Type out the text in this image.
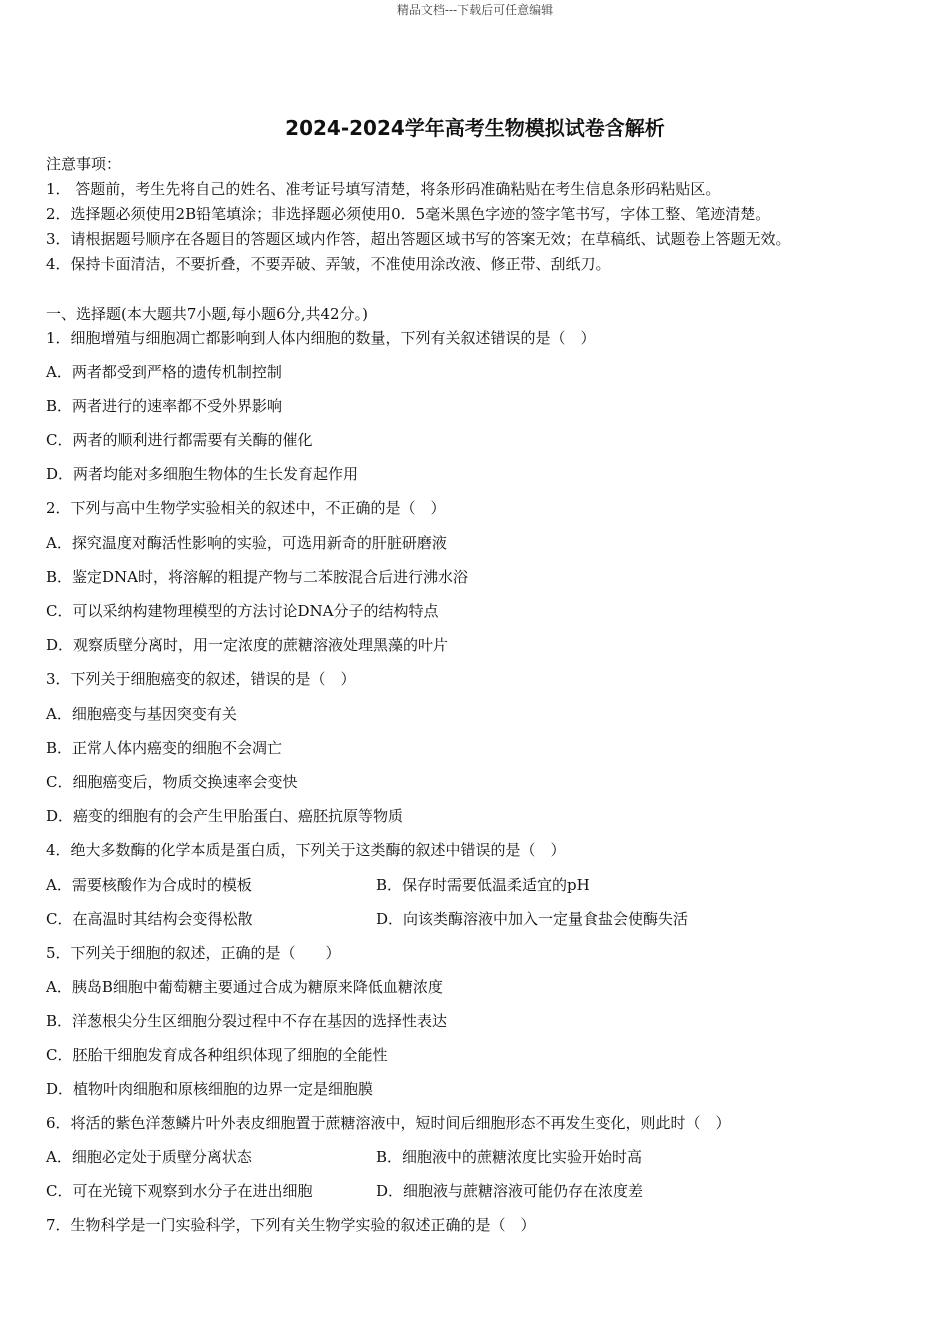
精品文档---下载后可任意编辑
2024-2024学年高考生物模拟试卷含解析
注意事项：
1． 答题前，考生先将自己的姓名、准考证号填写清楚，将条形码准确粘贴在考生信息条形码粘贴区。
2．选择题必须使用2B铅笔填涂；非选择题必须使用0．5毫米黑色字迹的签字笔书写，字体工整、笔迹清楚。
3．请根据题号顺序在各题目的答题区域内作答，超出答题区域书写的答案无效；在草稿纸、试题卷上答题无效。
4．保持卡面清洁，不要折叠，不要弄破、弄皱，不准使用涂改液、修正带、刮纸刀。
一、选择题(本大题共7小题,每小题6分,共42分。)
1．细胞增殖与细胞凋亡都影响到人体内细胞的数量，下列有关叙述错误的是（　）
A．两者都受到严格的遗传机制控制
B．两者进行的速率都不受外界影响
C．两者的顺利进行都需要有关酶的催化
D．两者均能对多细胞生物体的生长发育起作用
2．下列与高中生物学实验相关的叙述中，不正确的是（　）
A．探究温度对酶活性影响的实验，可选用新奇的肝脏研磨液
B．鉴定DNA时，将溶解的粗提产物与二苯胺混合后进行沸水浴
C．可以采纳构建物理模型的方法讨论DNA分子的结构特点
D．观察质壁分离时，用一定浓度的蔗糖溶液处理黑藻的叶片
3．下列关于细胞癌变的叙述，错误的是（　）
A．细胞癌变与基因突变有关
B．正常人体内癌变的细胞不会凋亡
C．细胞癌变后，物质交换速率会变快
D．癌变的细胞有的会产生甲胎蛋白、癌胚抗原等物质
4．绝大多数酶的化学本质是蛋白质，下列关于这类酶的叙述中错误的是（　）
A．需要核酸作为合成时的模板	B．保存时需要低温柔适宜的pH
C．在高温时其结构会变得松散	D．向该类酶溶液中加入一定量食盐会使酶失活
5．下列关于细胞的叙述，正确的是（　　）
A．胰岛B细胞中葡萄糖主要通过合成为糖原来降低血糖浓度
B．洋葱根尖分生区细胞分裂过程中不存在基因的选择性表达
C．胚胎干细胞发育成各种组织体现了细胞的全能性
D．植物叶肉细胞和原核细胞的边界一定是细胞膜
6．将活的紫色洋葱鳞片叶外表皮细胞置于蔗糖溶液中，短时间后细胞形态不再发生变化，则此时（　）
A．细胞必定处于质壁分离状态	B．细胞液中的蔗糖浓度比实验开始时高
C．可在光镜下观察到水分子在进出细胞	D．细胞液与蔗糖溶液可能仍存在浓度差
7．生物科学是一门实验科学，下列有关生物学实验的叙述正确的是（　）
